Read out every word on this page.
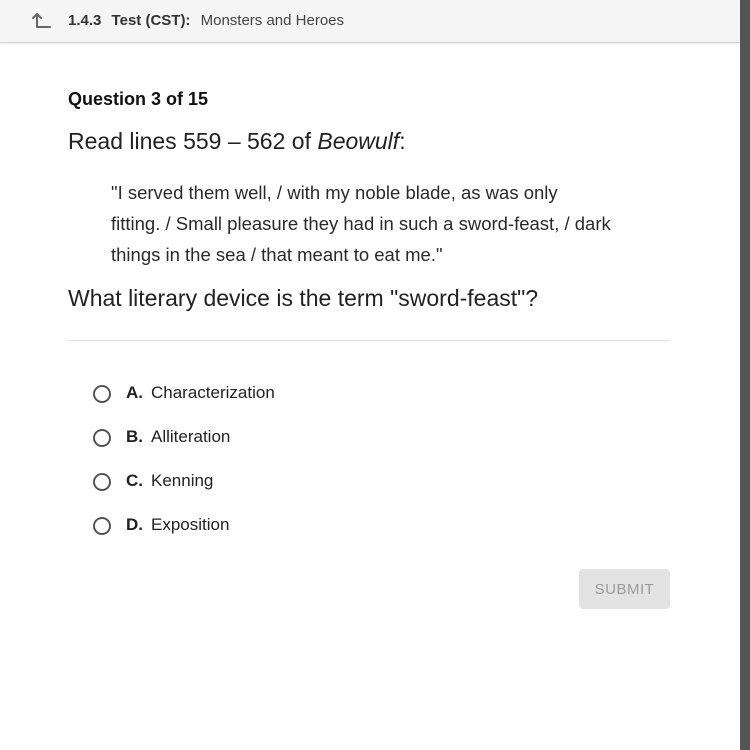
1.4.3 Test (CST): Monsters and Heroes
Question 3 of 15
Read lines 559 – 562 of Beowulf:
"I served them well, / with my noble blade, as was only fitting. / Small pleasure they had in such a sword-feast, / dark things in the sea / that meant to eat me."
What literary device is the term "sword-feast"?
A. Characterization
B. Alliteration
C. Kenning
D. Exposition
SUBMIT
